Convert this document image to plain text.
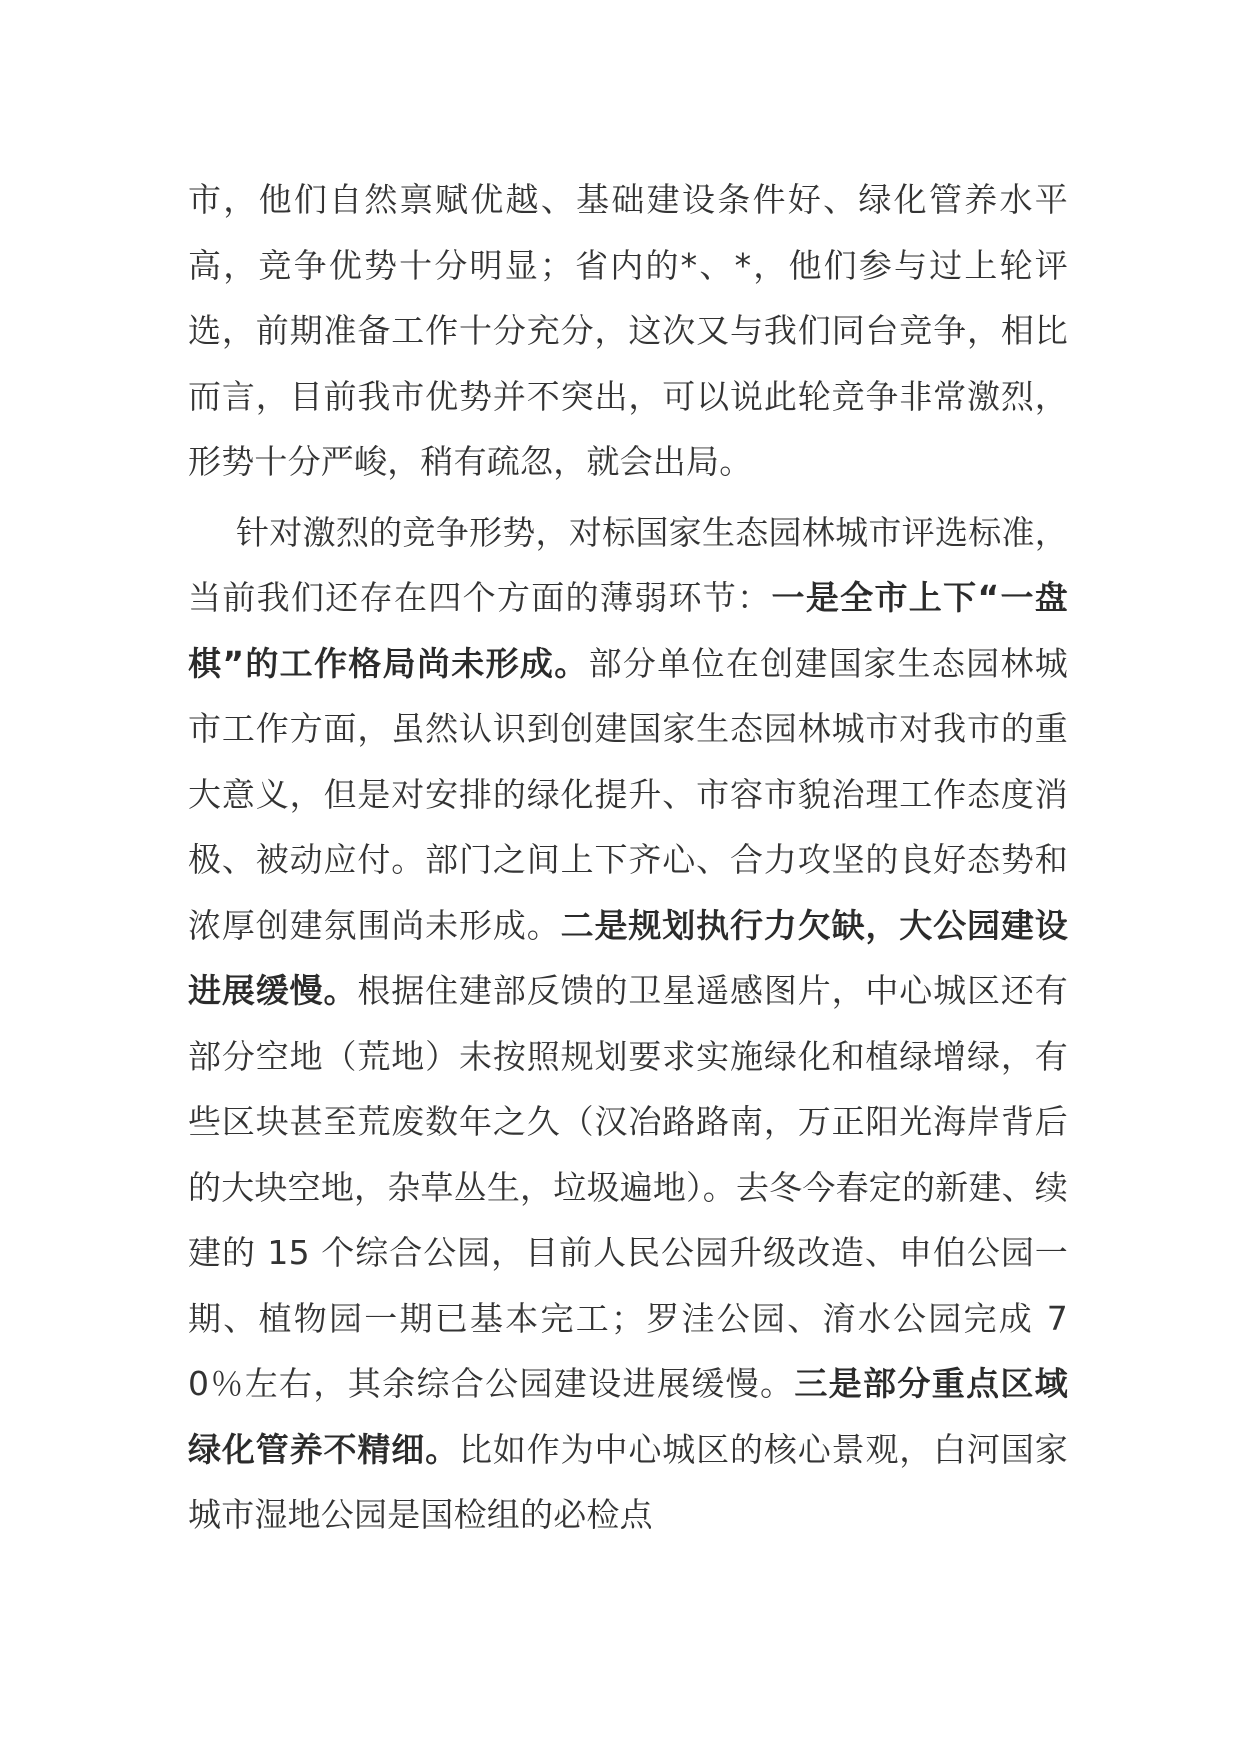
市，他们自然禀赋优越、基础建设条件好、绿化管养水平高，竞争优势十分明显；省内的*、*，他们参与过上轮评选，前期准备工作十分充分，这次又与我们同台竞争，相比而言，目前我市优势并不突出，可以说此轮竞争非常激烈，形势十分严峻，稍有疏忽，就会出局。

针对激烈的竞争形势，对标国家生态园林城市评选标准，当前我们还存在四个方面的薄弱环节：一是全市上下“一盘棋”的工作格局尚未形成。部分单位在创建国家生态园林城市工作方面，虽然认识到创建国家生态园林城市对我市的重大意义，但是对安排的绿化提升、市容市貌治理工作态度消极、被动应付。部门之间上下齐心、合力攻坚的良好态势和浓厚创建氛围尚未形成。二是规划执行力欠缺，大公园建设进展缓慢。根据住建部反馈的卫星遥感图片，中心城区还有部分空地（荒地）未按照规划要求实施绿化和植绿增绿，有些区块甚至荒废数年之久（汉冶路路南，万正阳光海岸背后的大块空地，杂草丛生，垃圾遍地）。去冬今春定的新建、续建的 15 个综合公园，目前人民公园升级改造、申伯公园一期、植物园一期已基本完工；罗洼公园、淯水公园完成 70％左右，其余综合公园建设进展缓慢。三是部分重点区域绿化管养不精细。比如作为中心城区的核心景观，白河国家城市湿地公园是国检组的必检点
